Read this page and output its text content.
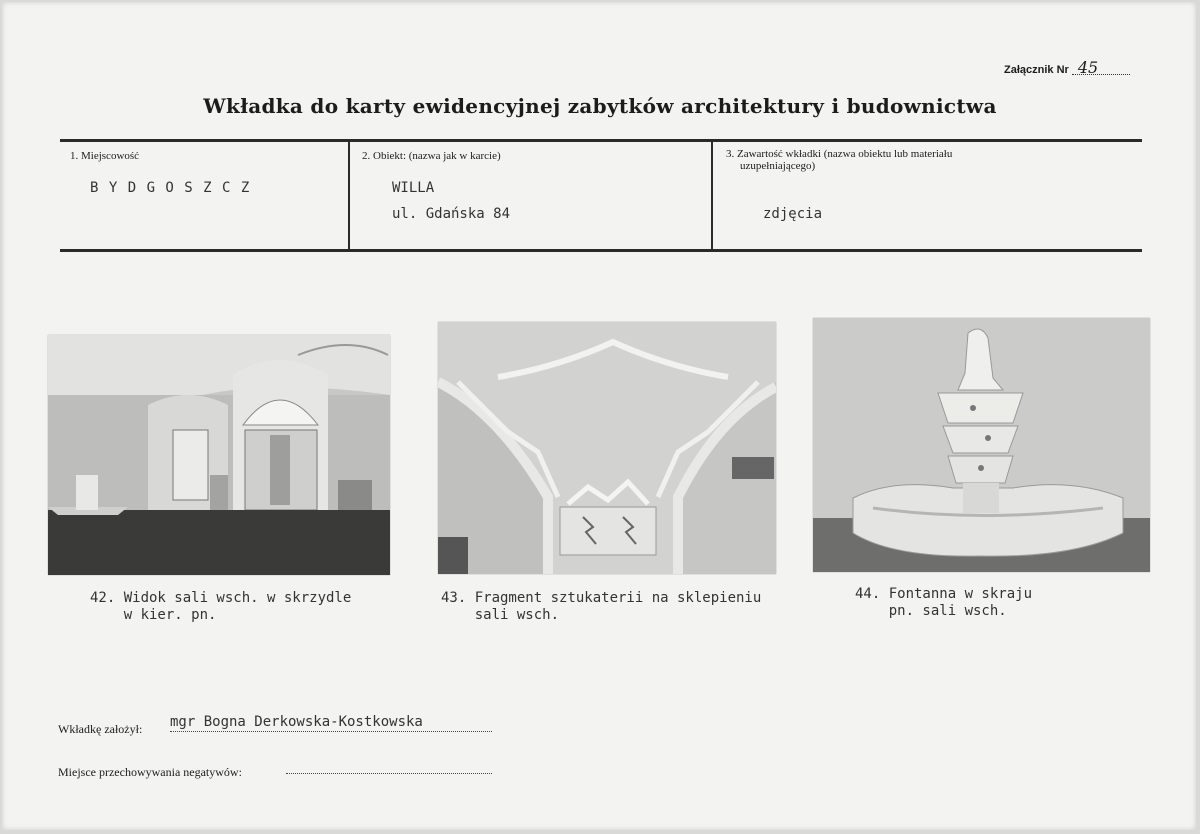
Załącznik Nr 45
Wkładka do karty ewidencyjnej zabytków architektury i budownictwa
1. Miejscowość
B Y D G O S Z C Z
2. Obiekt: (nazwa jak w karcie)
WILLA
ul. Gdańska 84
3. Zawartość wkładki (nazwa obiektu lub materiału
uzupełniającego)
zdjęcia
42. Widok sali wsch. w skrzydle
w kier. pn.
43. Fragment sztukaterii na sklepieniu
sali wsch.
44. Fontanna w skraju
pn. sali wsch.
Wkładkę założył: mgr Bogna Derkowska-Kostkowska
Miejsce przechowywania negatywów:
